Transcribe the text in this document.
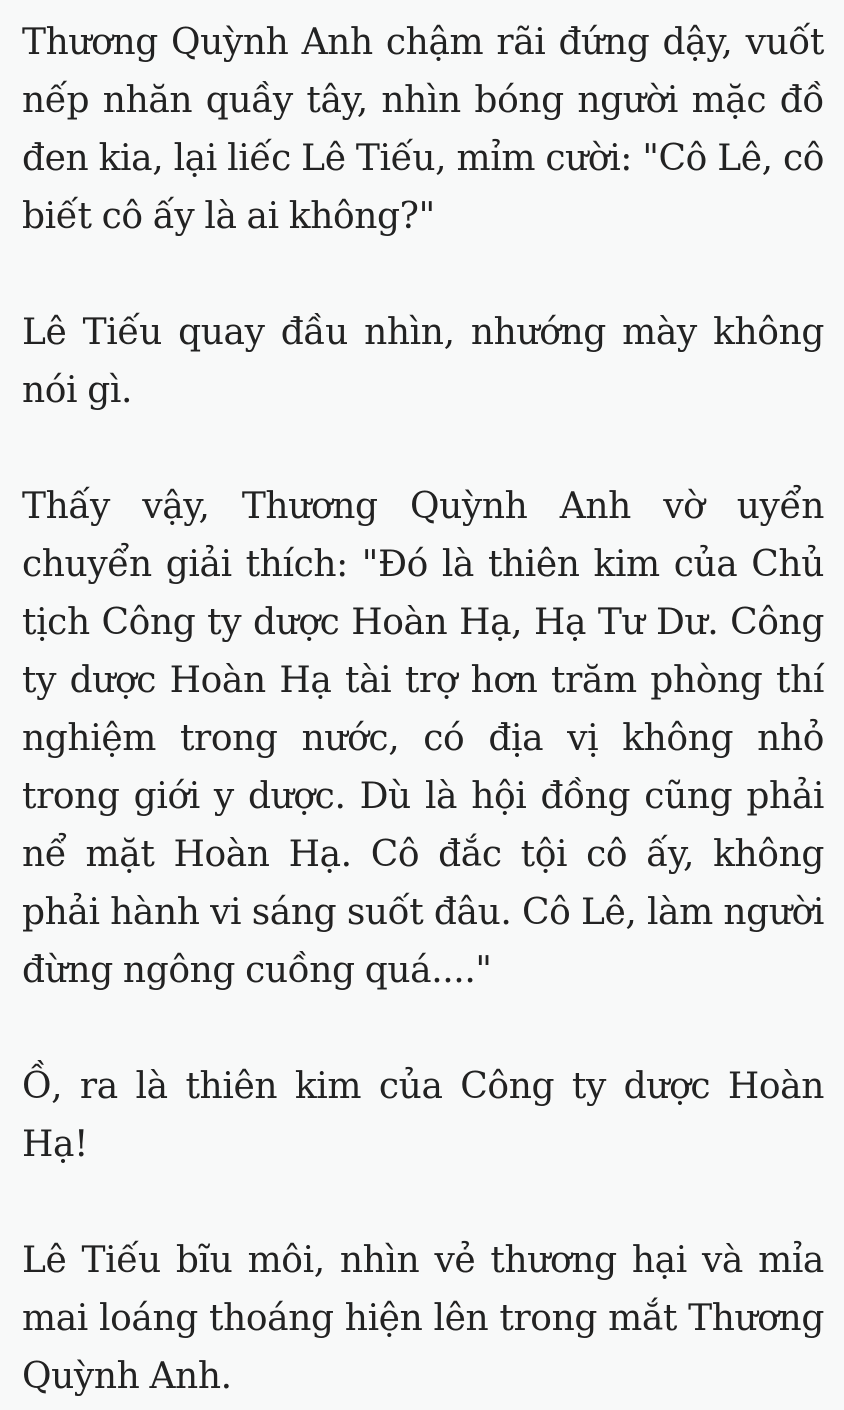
Thương Quỳnh Anh chậm rãi đứng dậy, vuốt nếp nhăn quầy tây, nhìn bóng người mặc đồ đen kia, lại liếc Lê Tiếu, mỉm cười: "Cô Lê, cô biết cô ấy là ai không?"

Lê Tiếu quay đầu nhìn, nhướng mày không nói gì.

Thấy vậy, Thương Quỳnh Anh vờ uyển chuyển giải thích: "Đó là thiên kim của Chủ tịch Công ty dược Hoàn Hạ, Hạ Tư Dư. Công ty dược Hoàn Hạ tài trợ hơn trăm phòng thí nghiệm trong nước, có địa vị không nhỏ trong giới y dược. Dù là hội đồng cũng phải nể mặt Hoàn Hạ. Cô đắc tội cô ấy, không phải hành vi sáng suốt đâu. Cô Lê, làm người đừng ngông cuồng quá...."

Ồ, ra là thiên kim của Công ty dược Hoàn Hạ!

Lê Tiếu bĩu môi, nhìn vẻ thương hại và mỉa mai loáng thoáng hiện lên trong mắt Thương Quỳnh Anh.
